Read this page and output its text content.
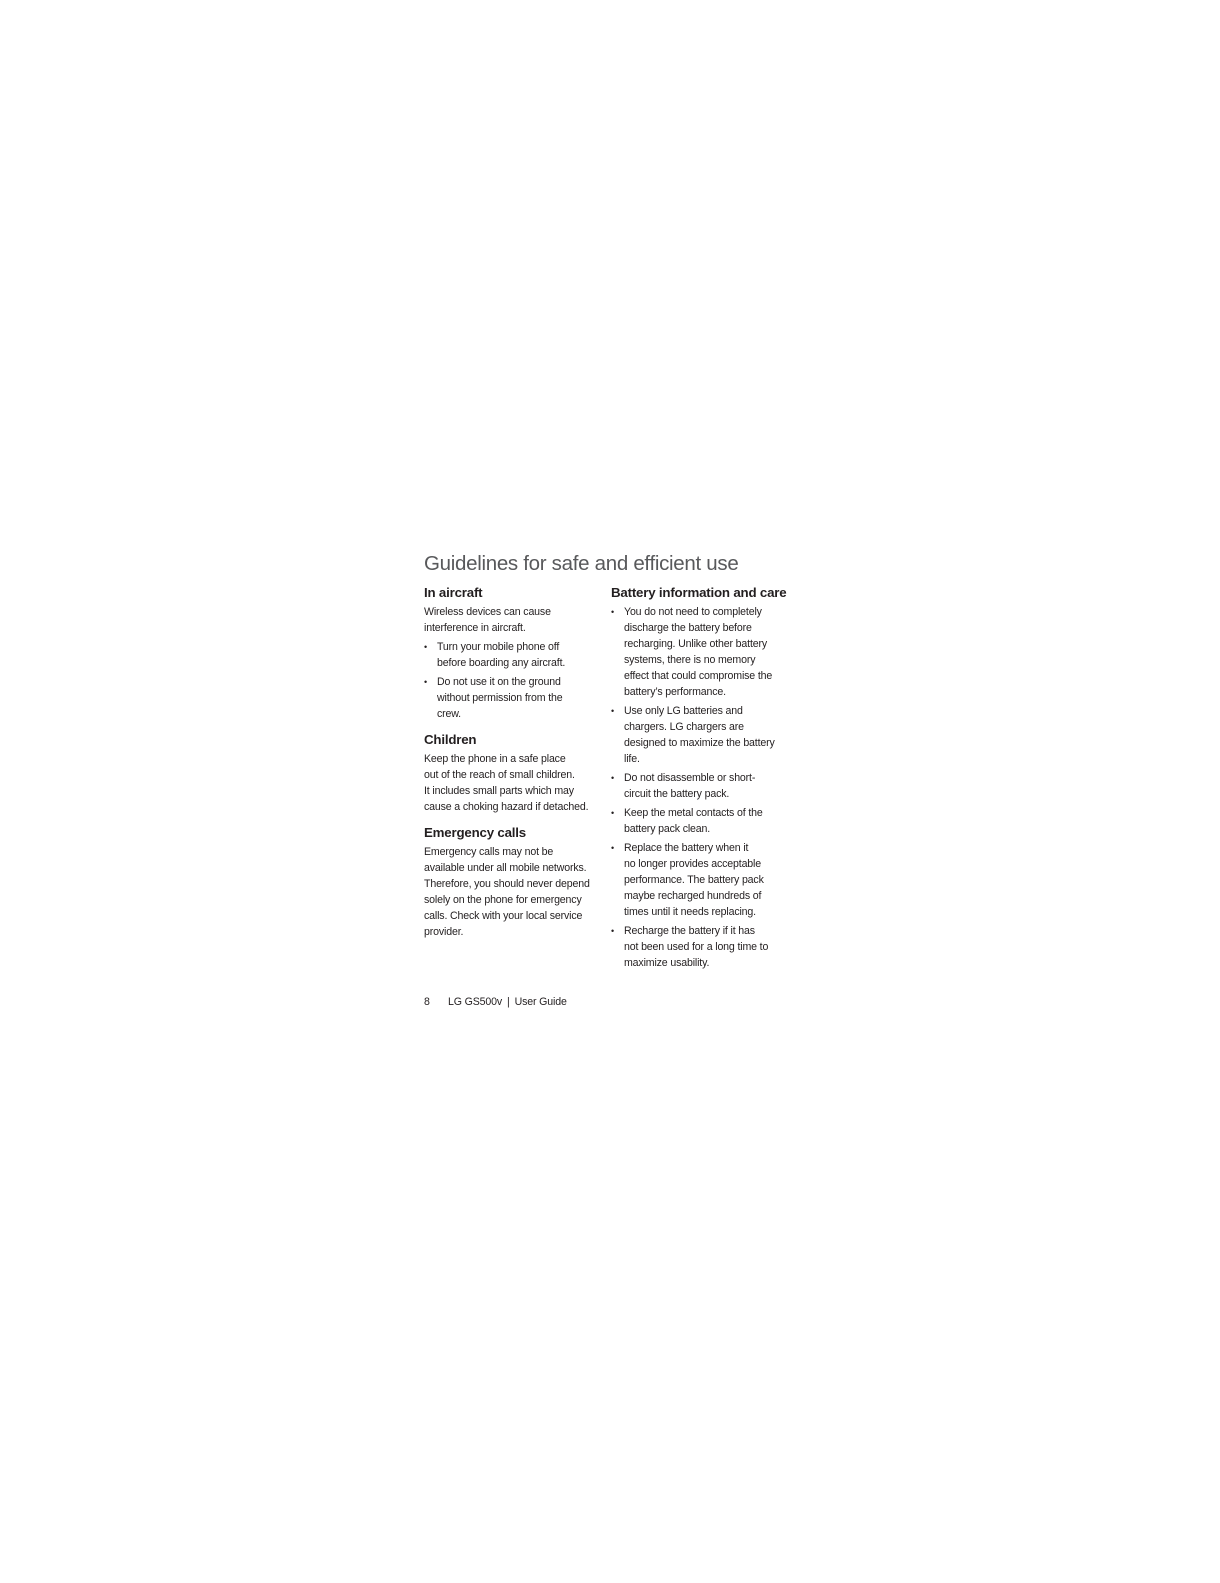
Guidelines for safe and efficient use
In aircraft
Wireless devices can cause
interference in aircraft.
• Turn your mobile phone off
before boarding any aircraft.
• Do not use it on the ground
without permission from the
crew.
Children
Keep the phone in a safe place
out of the reach of small children.
It includes small parts which may
cause a choking hazard if detached.
Emergency calls
Emergency calls may not be
available under all mobile networks.
Therefore, you should never depend
solely on the phone for emergency
calls. Check with your local service
provider.
Battery information and care
• You do not need to completely
discharge the battery before
recharging. Unlike other battery
systems, there is no memory
effect that could compromise the
battery’s performance.
• Use only LG batteries and
chargers. LG chargers are
designed to maximize the battery
life.
• Do not disassemble or short-
circuit the battery pack.
• Keep the metal contacts of the
battery pack clean.
• Replace the battery when it
no longer provides acceptable
performance. The battery pack
maybe recharged hundreds of
times until it needs replacing.
• Recharge the battery if it has
not been used for a long time to
maximize usability.
8 LG GS500v | User Guide
